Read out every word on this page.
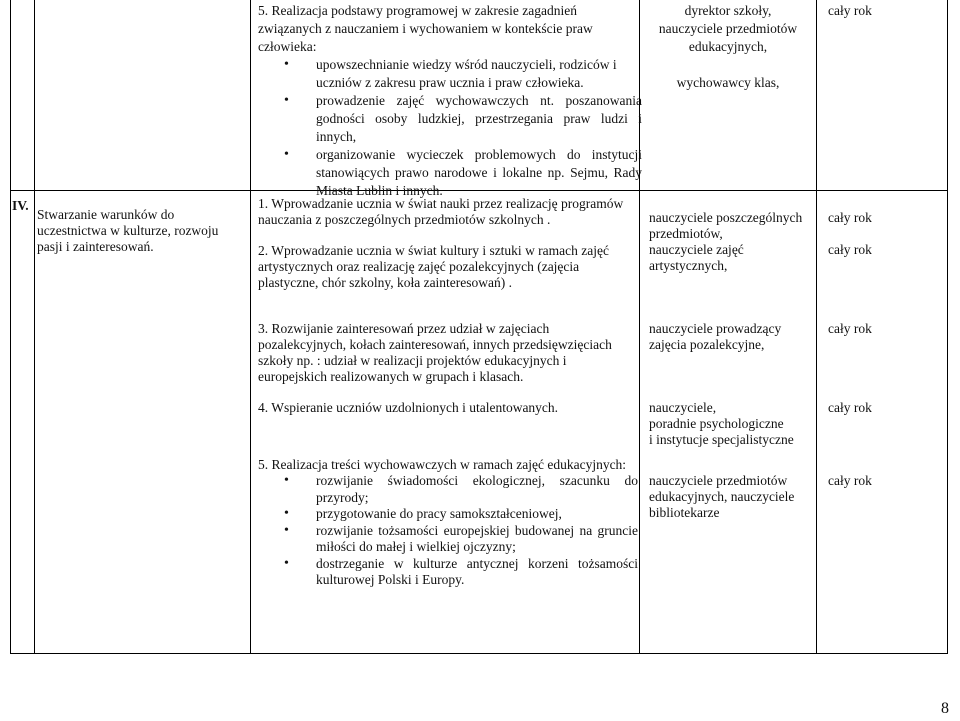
5. Realizacja podstawy programowej w zakresie zagadnień związanych z nauczaniem i wychowaniem w kontekście praw człowieka:

• upowszechnianie wiedzy wśród nauczycieli, rodziców i uczniów z zakresu praw ucznia i praw człowieka.
• prowadzenie zajęć wychowawczych nt. poszanowania godności osoby ludzkiej, przestrzegania praw ludzi i innych,
• organizowanie wycieczek problemowych do instytucji stanowiących prawo narodowe i lokalne np. Sejmu, Rady Miasta Lublin i innych.
dyrektor szkoły,
nauczyciele przedmiotów edukacyjnych,
wychowawcy klas,
cały rok
IV.
Stwarzanie warunków do uczestnictwa w kulturze, rozwoju pasji i zainteresowań.
1. Wprowadzanie ucznia w świat nauki przez realizację programów nauczania z poszczególnych przedmiotów szkolnych .
2. Wprowadzanie ucznia w świat kultury i sztuki w ramach zajęć artystycznych oraz realizację zajęć pozalekcyjnych (zajęcia plastyczne, chór szkolny, koła zainteresowań) .
nauczyciele poszczególnych
przedmiotów,
nauczyciele zajęć
artystycznych,
cały rok
cały rok
3. Rozwijanie zainteresowań przez udział w zajęciach pozalekcyjnych, kołach zainteresowań, innych przedsięwzięciach szkoły np. : udział w realizacji projektów edukacyjnych i europejskich realizowanych w grupach i klasach.
nauczyciele prowadzący zajęcia pozalekcyjne,
cały rok
4. Wspieranie uczniów uzdolnionych i utalentowanych.	nauczyciele,
poradnie psychologiczne
i instytucje specjalistyczne
cały rok
5. Realizacja treści wychowawczych w ramach zajęć edukacyjnych:
• rozwijanie świadomości ekologicznej, szacunku do przyrody;
• przygotowanie do pracy samokształceniowej,
• rozwijanie tożsamości europejskiej budowanej na gruncie miłości do małej i wielkiej ojczyzny;
• dostrzeganie w kulturze antycznej korzeni tożsamości kulturowej Polski i Europy.
nauczyciele przedmiotów edukacyjnych, nauczyciele bibliotekarze
cały rok
8
